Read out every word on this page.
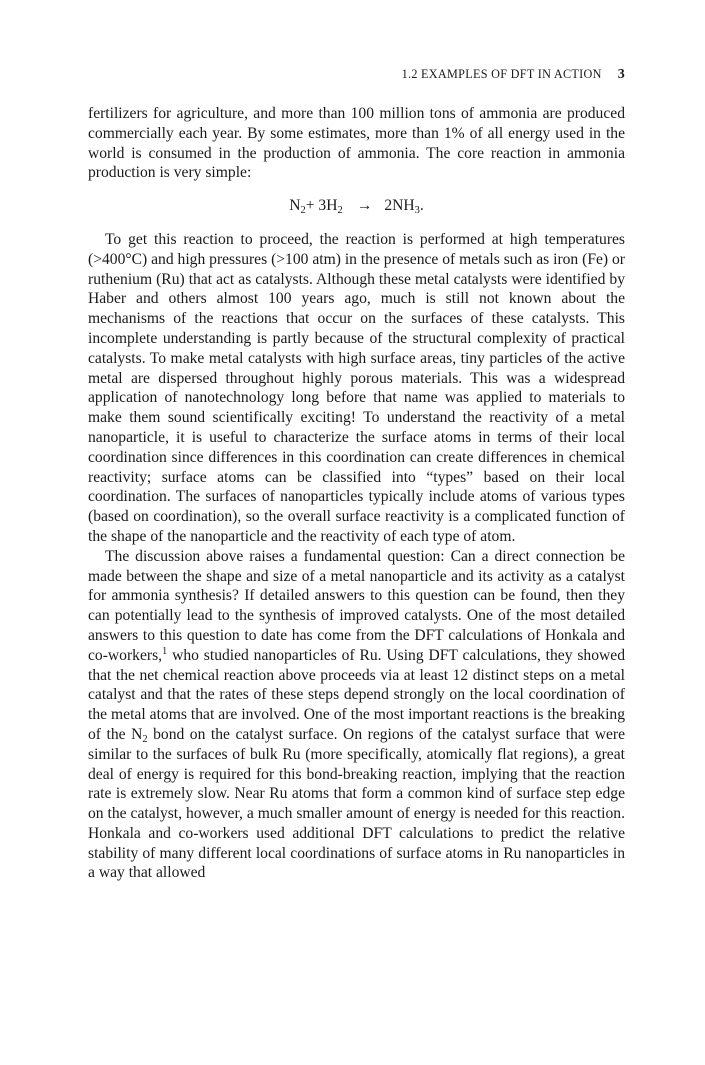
1.2 EXAMPLES OF DFT IN ACTION 3

fertilizers for agriculture, and more than 100 million tons of ammonia are produced commercially each year. By some estimates, more than 1% of all energy used in the world is consumed in the production of ammonia. The core reaction in ammonia production is very simple:

$N_2+ 3H_2 \to 2NH_3$.

To get this reaction to proceed, the reaction is performed at high temperatures (>400°C) and high pressures (>100 atm) in the presence of metals such as iron (Fe) or ruthenium (Ru) that act as catalysts. Although these metal catalysts were identified by Haber and others almost 100 years ago, much is still not known about the mechanisms of the reactions that occur on the surfaces of these catalysts. This incomplete understanding is partly because of the structural complexity of practical catalysts. To make metal catalysts with high surface areas, tiny particles of the active metal are dispersed throughout highly porous materials. This was a widespread application of nanotechnology long before that name was applied to materials to make them sound scientifically exciting! To understand the reactivity of a metal nanoparticle, it is useful to characterize the surface atoms in terms of their local coordination since differences in this coordination can create differences in chemical reactivity; surface atoms can be classified into “types” based on their local coordination. The surfaces of nanoparticles typically include atoms of various types (based on coordination), so the overall surface reactivity is a complicated function of the shape of the nanoparticle and the reactivity of each type of atom.

The discussion above raises a fundamental question: Can a direct connection be made between the shape and size of a metal nanoparticle and its activity as a catalyst for ammonia synthesis? If detailed answers to this question can be found, then they can potentially lead to the synthesis of improved catalysts. One of the most detailed answers to this question to date has come from the DFT calculations of Honkala and co-workers,$^1$ who studied nanoparticles of Ru. Using DFT calculations, they showed that the net chemical reaction above proceeds via at least 12 distinct steps on a metal catalyst and that the rates of these steps depend strongly on the local coordination of the metal atoms that are involved. One of the most important reactions is the breaking of the $N_2$ bond on the catalyst surface. On regions of the catalyst surface that were similar to the surfaces of bulk Ru (more specifically, atomically flat regions), a great deal of energy is required for this bond-breaking reaction, implying that the reaction rate is extremely slow. Near Ru atoms that form a common kind of surface step edge on the catalyst, however, a much smaller amount of energy is needed for this reaction. Honkala and co-workers used additional DFT calculations to predict the relative stability of many different local coordinations of surface atoms in Ru nanoparticles in a way that allowed
